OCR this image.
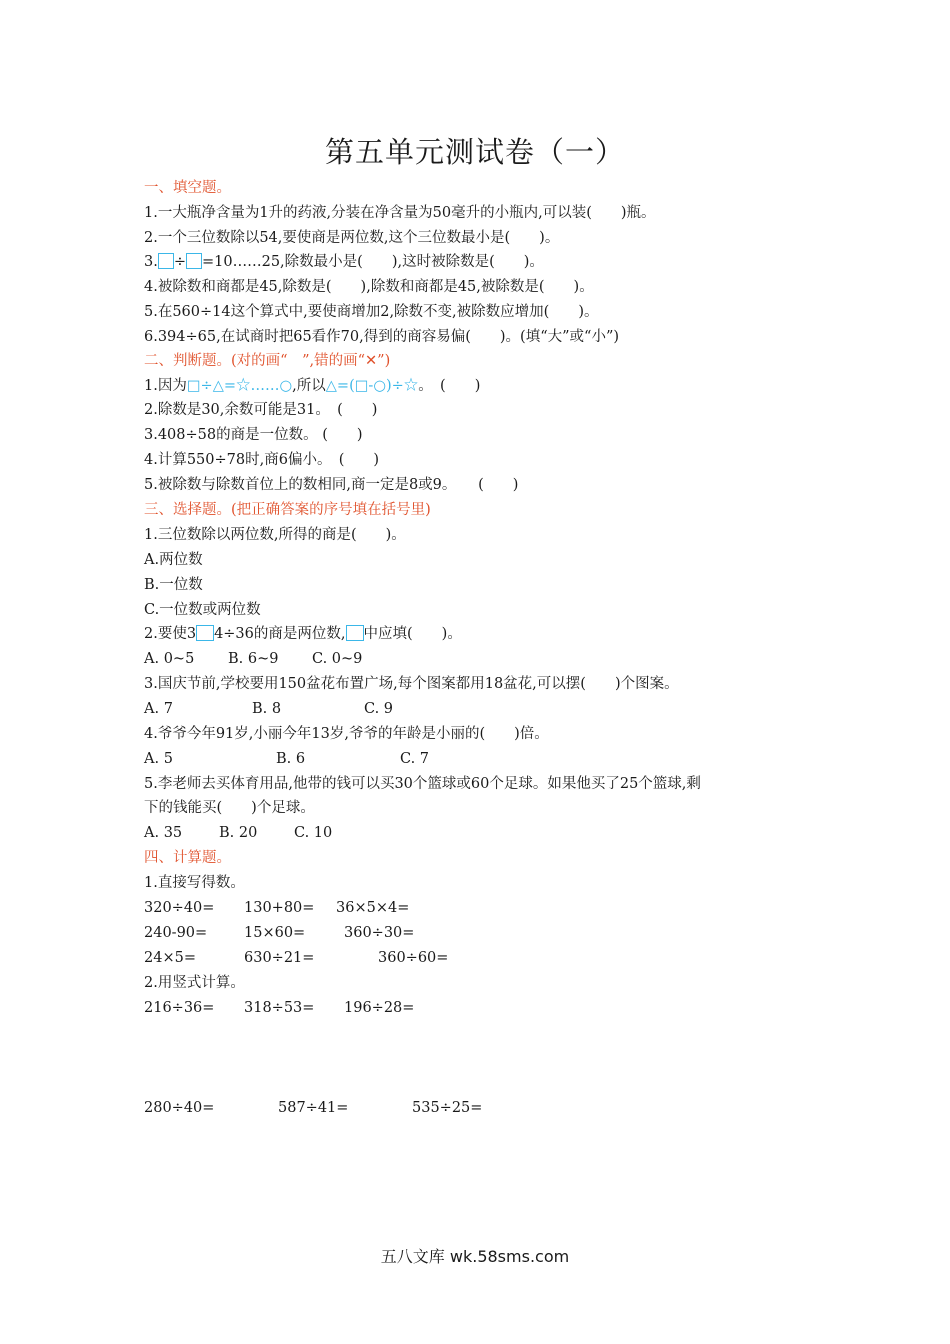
第五单元测试卷（一）
一、填空题。
1.一大瓶净含量为1升的药液,分装在净含量为50毫升的小瓶内,可以装(　　)瓶。
2.一个三位数除以54,要使商是两位数,这个三位数最小是(　　)。
3. ÷ =10……25,除数最小是(　　),这时被除数是(　　)。
4.被除数和商都是45,除数是(　　),除数和商都是45,被除数是(　　)。
5.在560÷14这个算式中,要使商增加2,除数不变,被除数应增加(　　)。
6.394÷65,在试商时把65看作70,得到的商容易偏(　　)。(填“大”或“小”)
二、判断题。(对的画“　”,错的画“✕”)
1.因为□÷△=☆……○,所以△=(□-○)÷☆。　(　　)
2.除数是30,余数可能是31。　(　　)
3.408÷58的商是一位数。 (　　)
4.计算550÷78时,商6偏小。　(　　)
5.被除数与除数首位上的数相同,商一定是8或9。　　(　　)
三、选择题。(把正确答案的序号填在括号里)
1.三位数除以两位数,所得的商是(　　)。
A.两位数
B.一位数
C.一位数或两位数
2.要使3 4÷36的商是两位数, 中应填(　　)。
A. 0~5 B. 6~9 C. 0~9
3.国庆节前,学校要用150盆花布置广场,每个图案都用18盆花,可以摆(　　)个图案。
A. 7	B. 8	C. 9
4.爷爷今年91岁,小丽今年13岁,爷爷的年龄是小丽的(　　)倍。
A. 5	B. 6	C. 7
5.李老师去买体育用品,他带的钱可以买30个篮球或60个足球。如果他买了25个篮球,剩
下的钱能买(　　)个足球。
A. 35	B. 20	C. 10
四、计算题。
1.直接写得数。
320÷40= 130+80= 36×5×4=
240-90=	15×60=	360÷30=
24×5=	630÷21=	360÷60=
2.用竖式计算。
216÷36= 318÷53= 196÷28=
280÷40=	587÷41=	535÷25=
五八文库 wk.58sms.com
